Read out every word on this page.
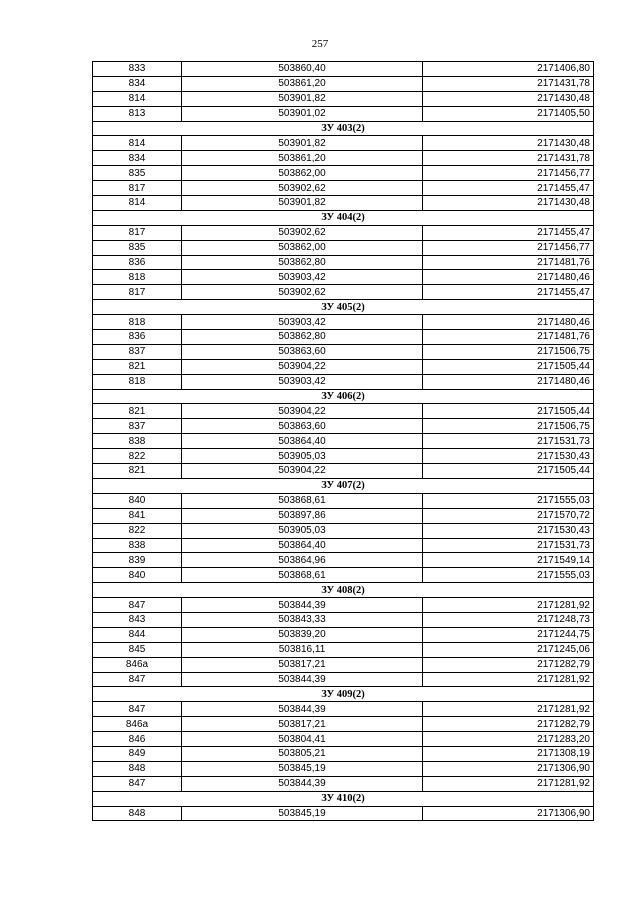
257
833	503860,40	2171406,80
834	503861,20	2171431,78
814	503901,82	2171430,48
813	503901,02	2171405,50
ЗУ 403(2)		
814	503901,82	2171430,48
834	503861,20	2171431,78
835	503862,00	2171456,77
817	503902,62	2171455,47
814	503901,82	2171430,48
ЗУ 404(2)		
817	503902,62	2171455,47
835	503862,00	2171456,77
836	503862,80	2171481,76
818	503903,42	2171480,46
817	503902,62	2171455,47
ЗУ 405(2)		
818	503903,42	2171480,46
836	503862,80	2171481,76
837	503863,60	2171506,75
821	503904,22	2171505,44
818	503903,42	2171480,46
ЗУ 406(2)		
821	503904,22	2171505,44
837	503863,60	2171506,75
838	503864,40	2171531,73
822	503905,03	2171530,43
821	503904,22	2171505,44
ЗУ 407(2)		
840	503868,61	2171555,03
841	503897,86	2171570,72
822	503905,03	2171530,43
838	503864,40	2171531,73
839	503864,96	2171549,14
840	503868,61	2171555,03
ЗУ 408(2)		
847	503844,39	2171281,92
843	503843,33	2171248,73
844	503839,20	2171244,75
845	503816,11	2171245,06
846а	503817,21	2171282,79
847	503844,39	2171281,92
ЗУ 409(2)		
847	503844,39	2171281,92
846а	503817,21	2171282,79
846	503804,41	2171283,20
849	503805,21	2171308,19
848	503845,19	2171306,90
847	503844,39	2171281,92
ЗУ 410(2)		
848	503845,19	2171306,90
